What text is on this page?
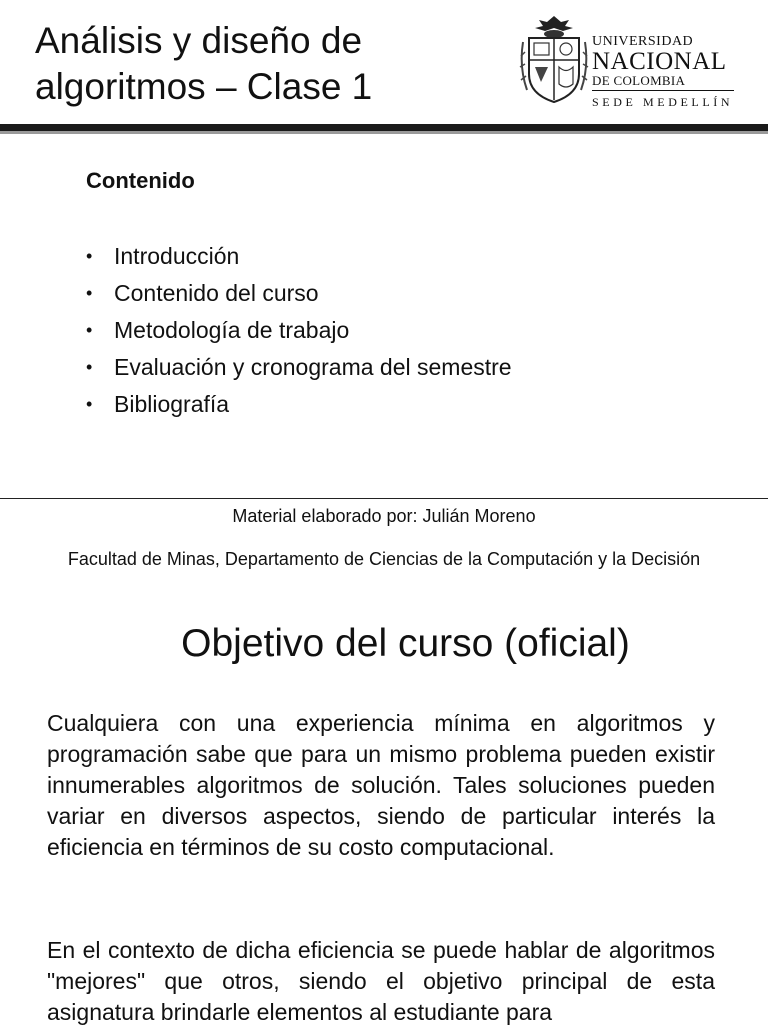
Análisis y diseño de
algoritmos – Clase 1
UNIVERSIDAD
NACIONAL
DE COLOMBIA
SEDE MEDELLÍN
Contenido
• Introducción
• Contenido del curso
• Metodología de trabajo
• Evaluación y cronograma del semestre
• Bibliografía
Material elaborado por: Julián Moreno
Facultad de Minas, Departamento de Ciencias de la Computación y la Decisión
Objetivo del curso (oficial)

Cualquiera con una experiencia mínima en algoritmos y programación sabe que para un mismo problema pueden existir innumerables algoritmos de solución. Tales soluciones pueden variar en diversos aspectos, siendo de particular interés la eficiencia en términos de su costo computacional.

En el contexto de dicha eficiencia se puede hablar de algoritmos "mejores" que otros, siendo el objetivo principal de esta asignatura brindarle elementos al estudiante para
